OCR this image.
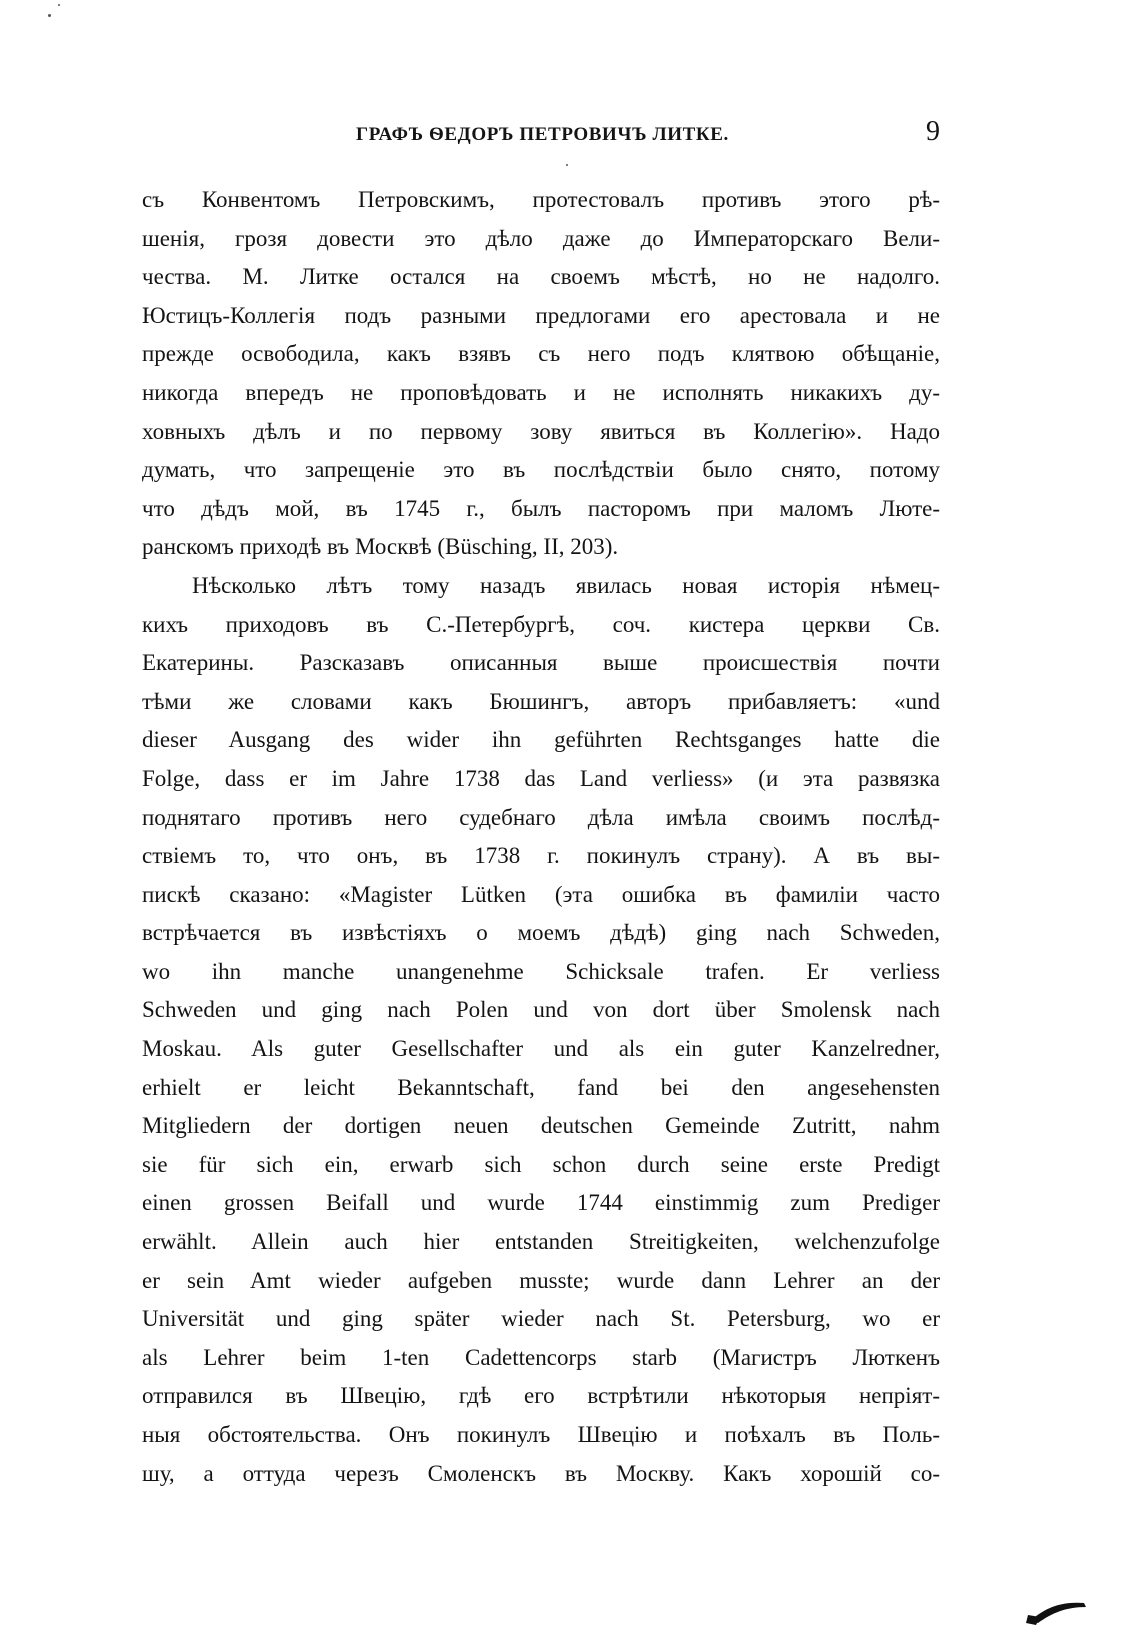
ГРАФЪ ѲЕДОРЪ ПЕТРОВИЧЪ ЛИТКЕ.	9
съ Конвентомъ Петровскимъ, протестовалъ противъ этого рѣ-
шенія, грозя довести это дѣло даже до Императорскаго Вели-
чества. М. Литке остался на своемъ мѣстѣ, но не надолго.
Юстицъ-Коллегія подъ разными предлогами его арестовала и не
прежде освободила, какъ взявъ съ него подъ клятвою обѣщаніе,
никогда впередъ не проповѣдовать и не исполнять никакихъ ду-
ховныхъ дѣлъ и по первому зову явиться въ Коллегію». Надо
думать, что запрещеніе это въ послѣдствіи было снято, потому
что дѣдъ мой, въ 1745 г., былъ пасторомъ при маломъ Люте-
ранскомъ приходѣ въ Москвѣ (Büsching, II, 203).
Нѣсколько лѣтъ тому назадъ явилась новая исторія нѣмец-
кихъ приходовъ въ С.-Петербургѣ, соч. кистера церкви Св.
Екатерины. Разсказавъ описанныя выше происшествія почти
тѣми же словами какъ Бюшингъ, авторъ прибавляетъ: «und
dieser Ausgang des wider ihn geführten Rechtsganges hatte die
Folge, dass er im Jahre 1738 das Land verliess» (и эта развязка
поднятаго противъ него судебнаго дѣла имѣла своимъ послѣд-
ствіемъ то, что онъ, въ 1738 г. покинулъ страну). А въ вы-
пискѣ сказано: «Magister Lütken (эта ошибка въ фамиліи часто
встрѣчается въ извѣстіяхъ о моемъ дѣдѣ) ging nach Schweden,
wo ihn manche unangenehme Schicksale trafen. Er verliess
Schweden und ging nach Polen und von dort über Smolensk nach
Moskau. Als guter Gesellschafter und als ein guter Kanzelredner,
erhielt er leicht Bekanntschaft, fand bei den angesehensten
Mitgliedern der dortigen neuen deutschen Gemeinde Zutritt, nahm
sie für sich ein, erwarb sich schon durch seine erste Predigt
einen grossen Beifall und wurde 1744 einstimmig zum Prediger
erwählt. Allein auch hier entstanden Streitigkeiten, welchenzufolge
er sein Amt wieder aufgeben musste; wurde dann Lehrer an der
Universität und ging später wieder nach St. Petersburg, wo er
als Lehrer beim 1-ten Cadettencorps starb (Магистръ Люткенъ
отправился въ Швецію, гдѣ его встрѣтили нѣкоторыя непріят-
ныя обстоятельства. Онъ покинулъ Швецію и поѣхалъ въ Поль-
шу, а оттуда черезъ Смоленскъ въ Москву. Какъ хорошій со-
